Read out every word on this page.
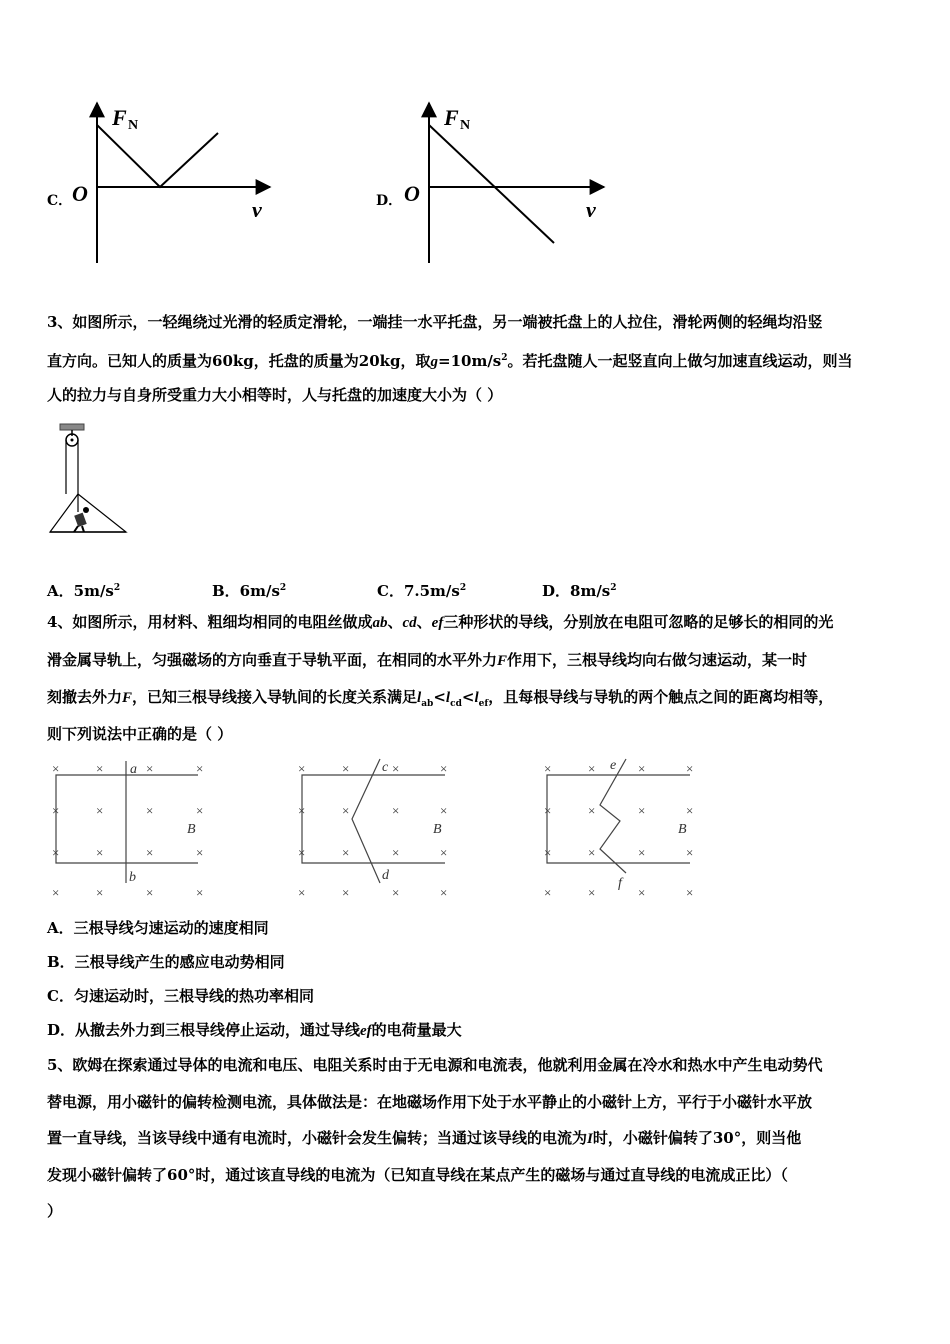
C．
F N
O
v	D．
F N
O
v
3、如图所示，一轻绳绕过光滑的轻质定滑轮，一端挂一水平托盘，另一端被托盘上的人拉住，滑轮两侧的轻绳均沿竖
直方向。已知人的质量为60kg，托盘的质量为20kg，取$g=10m/s^2$。若托盘随人一起竖直向上做匀加速直线运动，则当
人的拉力与自身所受重力大小相等时，人与托盘的加速度大小为（ ）
A．$5m/s^2$	B．$6m/s^2$	C．$7.5m/s^2$	D．$8m/s^2$
4、如图所示，用材料、粗细均相同的电阻丝做成ab、cd、ef三种形状的导线，分别放在电阻可忽略的足够长的相同的光
滑金属导轨上，匀强磁场的方向垂直于导轨平面，在相同的水平外力F作用下，三根导线均向右做匀速运动，某一时
刻撤去外力F，已知三根导线接入导轨间的长度关系满足$l_{ab}<l_{cd}<l_{ef}$，且每根导线与导轨的两个触点之间的距离均相等，
则下列说法中正确的是（ ）
×	×	×	×
×	×	×	×
×	×	×	×
×	×	×	×
×	×	×	×
×	×	×	×
×	×	×	×
×	×	×	×
×	×	×	×
×	×	×	×
×	×	×	×
×	×	×	×
a
b
B
c
d
B
e
f
B
A．三根导线匀速运动的速度相同
B．三根导线产生的感应电动势相同
C．匀速运动时，三根导线的热功率相同
D．从撤去外力到三根导线停止运动，通过导线ef的电荷量最大
5、欧姆在探索通过导体的电流和电压、电阻关系时由于无电源和电流表，他就利用金属在冷水和热水中产生电动势代
替电源，用小磁针的偏转检测电流，具体做法是：在地磁场作用下处于水平静止的小磁针上方，平行于小磁针水平放
置一直导线，当该导线中通有电流时，小磁针会发生偏转；当通过该导线的电流为I时，小磁针偏转了30°，则当他
发现小磁针偏转了60°时，通过该直导线的电流为（已知直导线在某点产生的磁场与通过直导线的电流成正比）（
）
